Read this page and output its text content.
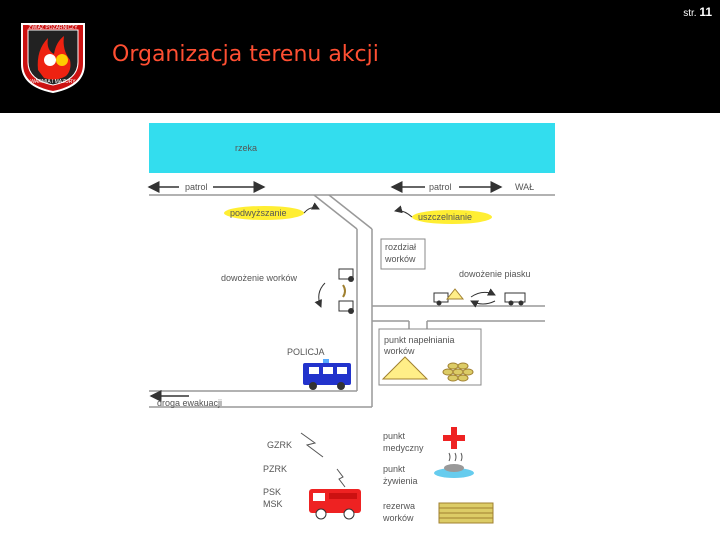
str. 11
ZWIĄZ POŻARNICZY
WARMIA I MAZURY
Organizacja terenu akcji
rzeka
patrol	patrol	WAŁ
podwyższanie	uszczelnianie
droga ewakuacji
rozdział
worków
dowożenie worków	dowożenie piasku
punkt napełniania
worków
POLICJA
GZRK
PZRK
PSK
MSK
punkt
medyczny
punkt
żywienia
rezerwa
worków
